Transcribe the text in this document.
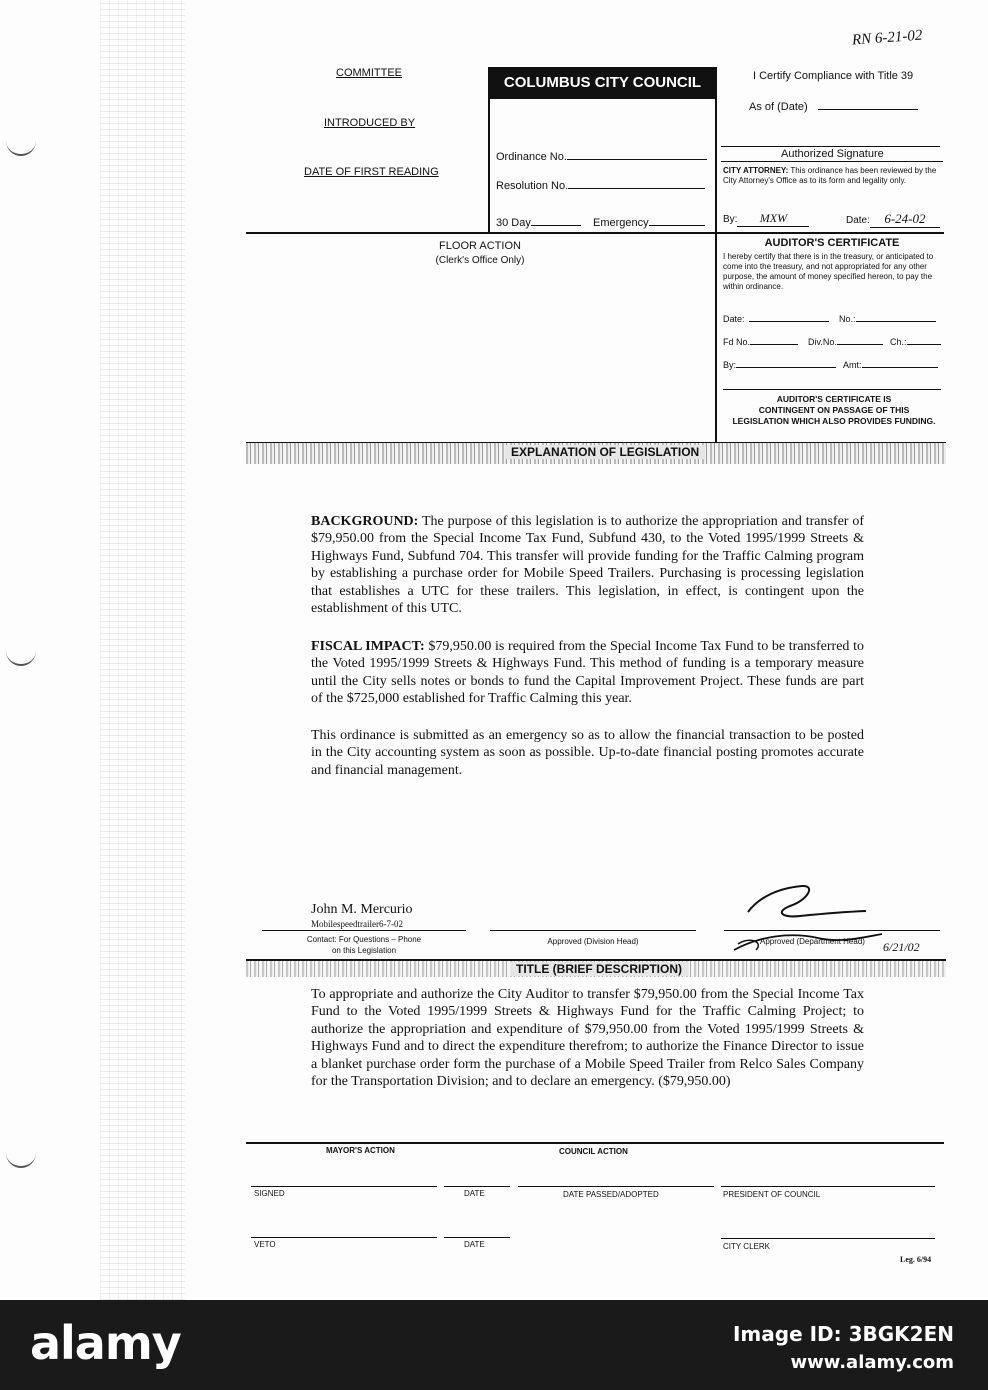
RN 6-21-02
COMMITTEE
INTRODUCED BY
DATE OF FIRST READING
COLUMBUS CITY COUNCIL
Ordinance No.
Resolution No.
30 Day	Emergency
I Certify Compliance with Title 39
As of (Date)
Authorized Signature
CITY ATTORNEY: This ordinance has been reviewed by the City Attorney's Office as to its form and legality only.
By: MXW	Date: 6-24-02
FLOOR ACTION
(Clerk's Office Only)
AUDITOR'S CERTIFICATE
I hereby certify that there is in the treasury, or anticipated to come into the treasury, and not appropriated for any other purpose, the amount of money specified hereon, to pay the within ordinance.
Date:	No.:
Fd No.	Div.No.	Ch.:
By:	Amt:
AUDITOR'S CERTIFICATE IS
CONTINGENT ON PASSAGE OF THIS
LEGISLATION WHICH ALSO PROVIDES FUNDING.
EXPLANATION OF LEGISLATION
BACKGROUND: The purpose of this legislation is to authorize the appropriation and transfer of $79,950.00 from the Special Income Tax Fund, Subfund 430, to the Voted 1995/1999 Streets & Highways Fund, Subfund 704. This transfer will provide funding for the Traffic Calming program by establishing a purchase order for Mobile Speed Trailers. Purchasing is processing legislation that establishes a UTC for these trailers. This legislation, in effect, is contingent upon the establishment of this UTC.
FISCAL IMPACT: $79,950.00 is required from the Special Income Tax Fund to be transferred to the Voted 1995/1999 Streets & Highways Fund. This method of funding is a temporary measure until the City sells notes or bonds to fund the Capital Improvement Project. These funds are part of the $725,000 established for Traffic Calming this year.
This ordinance is submitted as an emergency so as to allow the financial transaction to be posted in the City accounting system as soon as possible. Up-to-date financial posting promotes accurate and financial management.
John M. Mercurio
Mobilespeedtrailer6-7-02
Contact: For Questions – Phone
on this Legislation
Approved (Division Head)	Approved (Department Head) 6/21/02
TITLE (BRIEF DESCRIPTION)
To appropriate and authorize the City Auditor to transfer $79,950.00 from the Special Income Tax Fund to the Voted 1995/1999 Streets & Highways Fund for the Traffic Calming Project; to authorize the appropriation and expenditure of $79,950.00 from the Voted 1995/1999 Streets & Highways Fund and to direct the expenditure therefrom; to authorize the Finance Director to issue a blanket purchase order form the purchase of a Mobile Speed Trailer from Relco Sales Company for the Transportation Division; and to declare an emergency. ($79,950.00)
MAYOR'S ACTION	COUNCIL ACTION
SIGNED	DATE	DATE PASSED/ADOPTED	PRESIDENT OF COUNCIL
VETO	DATE	CITY CLERK
Leg. 6/94
alamy	Image ID: 3BGK2EN
www.alamy.com
